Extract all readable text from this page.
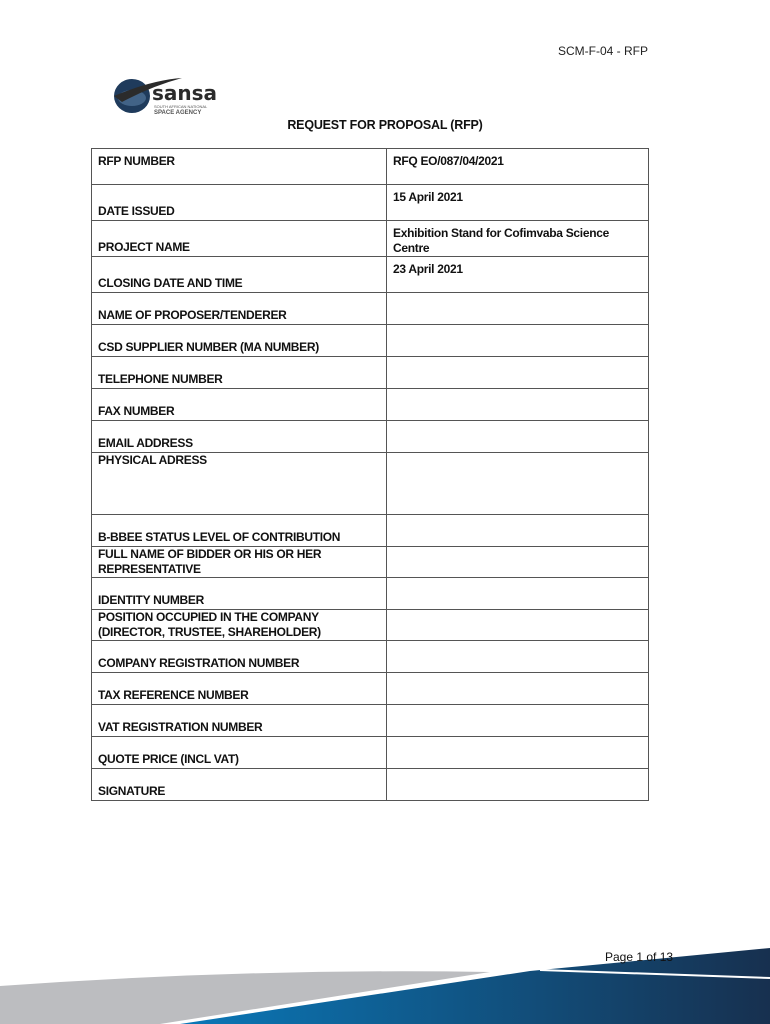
SCM-F-04 - RFP
sansa
SOUTH AFRICAN NATIONAL
SPACE AGENCY
REQUEST FOR PROPOSAL (RFP)
RFP NUMBER	RFQ EO/087/04/2021
DATE ISSUED	15 April 2021
PROJECT NAME	Exhibition Stand for Cofimvaba Science Centre
CLOSING DATE AND TIME	23 April 2021
NAME OF PROPOSER/TENDERER	
CSD SUPPLIER NUMBER (MA NUMBER)	
TELEPHONE NUMBER	
FAX NUMBER	
EMAIL ADDRESS	
PHYSICAL ADRESS	
B-BBEE STATUS LEVEL OF CONTRIBUTION	
FULL NAME OF BIDDER OR HIS OR HER REPRESENTATIVE	
IDENTITY NUMBER	
POSITION OCCUPIED IN THE COMPANY (DIRECTOR, TRUSTEE, SHAREHOLDER)	
COMPANY REGISTRATION NUMBER	
TAX REFERENCE NUMBER	
VAT REGISTRATION NUMBER	
QUOTE PRICE (INCL VAT)	
SIGNATURE	
Page 1 of 13
